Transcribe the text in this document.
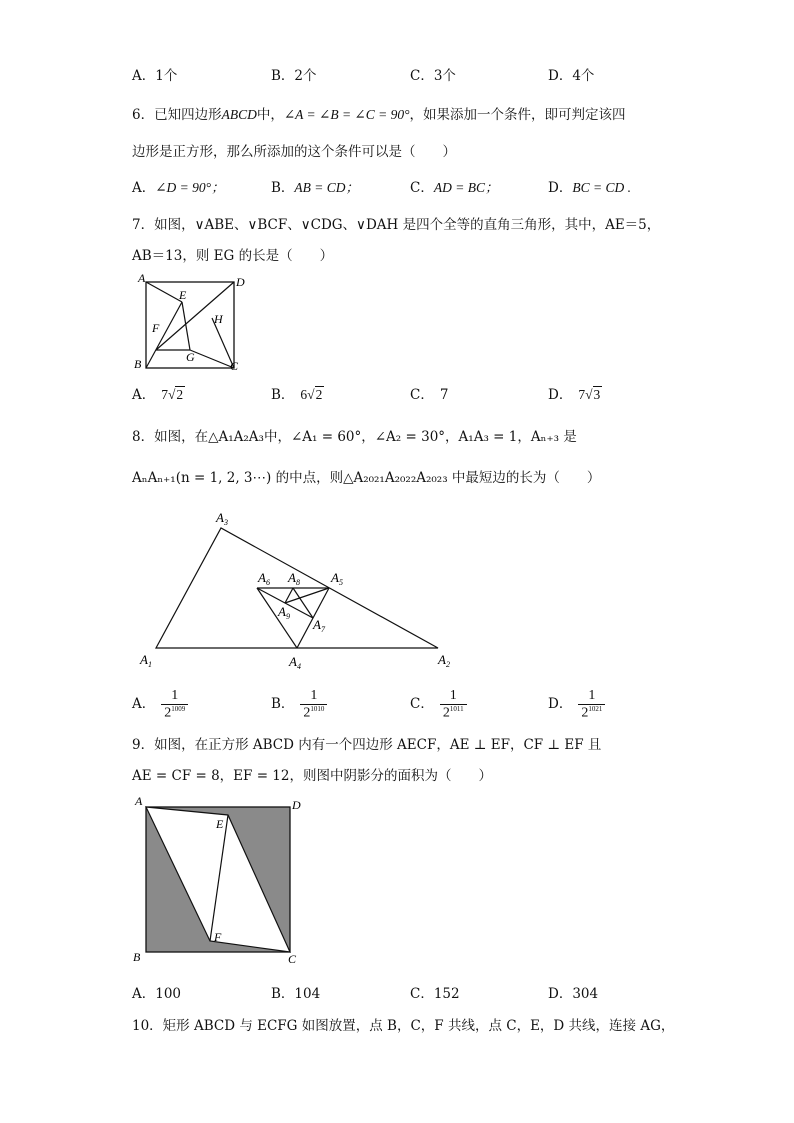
A．1个	B．2个	C．3个	D．4个
6．已知四边形ABCD中，∠A = ∠B = ∠C = 90°，如果添加一个条件，即可判定该四
边形是正方形，那么所添加的这个条件可以是（　　）
A．∠D = 90°；	B．AB = CD；	C．AD = BC；	D．BC = CD .
7．如图，∨ABE、∨BCF、∨CDG、∨DAH 是四个全等的直角三角形，其中，AE＝5，
AB＝13，则 EG 的长是（　　）
A	D
E
H
F
B	G
C
A． 7√2	B． 6√2	C． 7	D． 7√3
8．如图，在△A₁A₂A₃中，∠A₁ = 60°，∠A₂ = 30°，A₁A₃ = 1，Aₙ₊₃ 是
AₙAₙ₊₁(n = 1, 2, 3⋯) 的中点，则△A₂₀₂₁A₂₀₂₂A₂₀₂₃ 中最短边的长为（　　）
$A_1$	$A_2$
$A_3$
$A_4$
$A_5$
$A_6$
$A_7$
$A_8$
$A_9$
A． $\frac{1}{2^{1009}}$	B． $\frac{1}{2^{1010}}$	C． $\frac{1}{2^{1011}}$	D． $\frac{1}{2^{1021}}$
9．如图，在正方形 ABCD 内有一个四边形 AECF，AE ⊥ EF，CF ⊥ EF 且
AE = CF = 8，EF = 12，则图中阴影分的面积为（　　）
A	D
E
F
B	C
A．100	B．104	C．152	D．304
10．矩形 ABCD 与 ECFG 如图放置，点 B，C，F 共线，点 C，E，D 共线，连接 AG，
